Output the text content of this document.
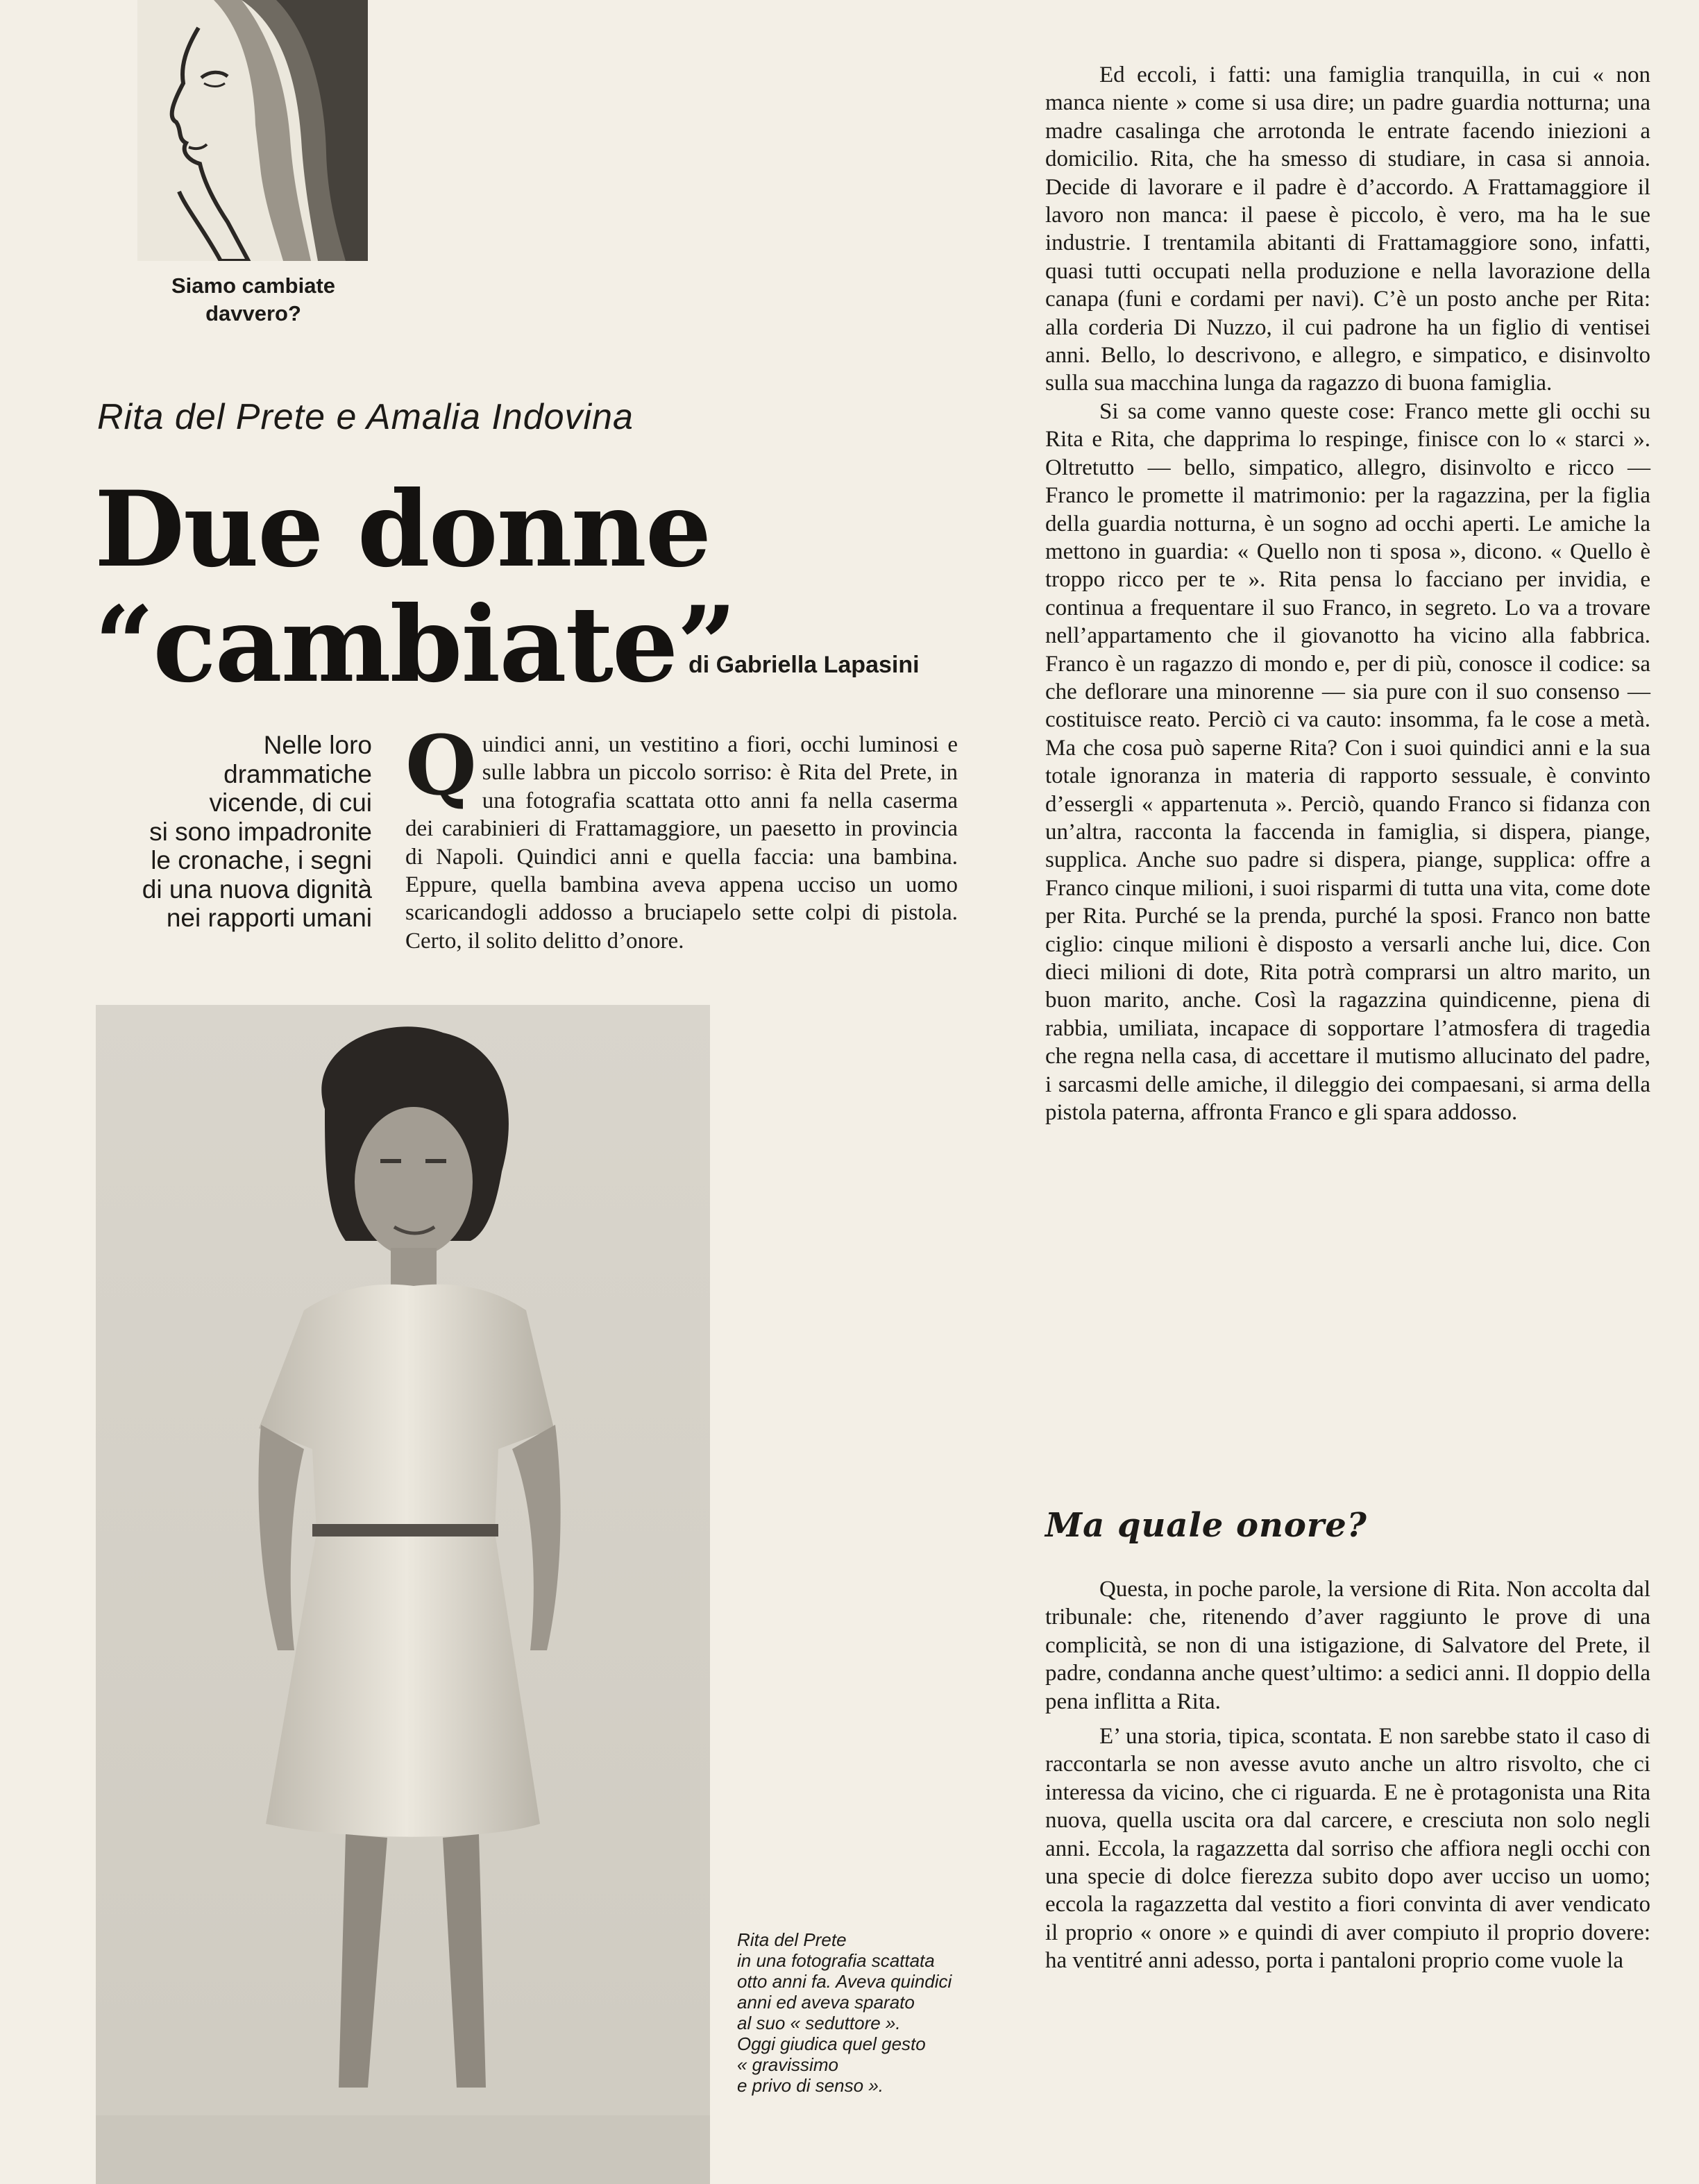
Siamo cambiate
davvero?
Rita del Prete e Amalia Indovina
Due donne
“cambiate”
di Gabriella Lapasini
Nelle loro
drammatiche
vicende, di cui
si sono impadronite
le cronache, i segni
di una nuova dignità
nei rapporti umani

Quindici anni, un vestitino a fiori, occhi luminosi e sulle labbra un piccolo sorriso: è Rita del Prete, in una fotografia scattata otto anni fa nella caserma dei carabinieri di Frattamaggiore, un paesetto in provincia di Napoli. Quindici anni e quella faccia: una bambina. Eppure, quella bambina aveva appena ucciso un uomo scaricandogli addosso a bruciapelo sette colpi di pistola. Certo, il solito delitto d’onore.

Ed eccoli, i fatti: una famiglia tranquilla, in cui « non manca niente » come si usa dire; un padre guardia notturna; una madre casalinga che arrotonda le entrate facendo iniezioni a domicilio. Rita, che ha smesso di studiare, in casa si annoia. Decide di lavorare e il padre è d’accordo. A Frattamaggiore il lavoro non manca: il paese è piccolo, è vero, ma ha le sue industrie. I trentamila abitanti di Frattamaggiore sono, infatti, quasi tutti occupati nella produzione e nella lavorazione della canapa (funi e cordami per navi). C’è un posto anche per Rita: alla corderia Di Nuzzo, il cui padrone ha un figlio di ventisei anni. Bello, lo descrivono, e allegro, e simpatico, e disinvolto sulla sua macchina lunga da ragazzo di buona famiglia.

Si sa come vanno queste cose: Franco mette gli occhi su Rita e Rita, che dapprima lo respinge, finisce con lo « starci ». Oltretutto — bello, simpatico, allegro, disinvolto e ricco — Franco le promette il matrimonio: per la ragazzina, per la figlia della guardia notturna, è un sogno ad occhi aperti. Le amiche la mettono in guardia: « Quello non ti sposa », dicono. « Quello è troppo ricco per te ». Rita pensa lo facciano per invidia, e continua a frequentare il suo Franco, in segreto. Lo va a trovare nell’appartamento che il giovanotto ha vicino alla fabbrica. Franco è un ragazzo di mondo e, per di più, conosce il codice: sa che deflorare una minorenne — sia pure con il suo consenso — costituisce reato. Perciò ci va cauto: insomma, fa le cose a metà. Ma che cosa può saperne Rita? Con i suoi quindici anni e la sua totale ignoranza in materia di rapporto sessuale, è convinto d’essergli « appartenuta ». Perciò, quando Franco si fidanza con un’altra, racconta la faccenda in famiglia, si dispera, piange, supplica. Anche suo padre si dispera, piange, supplica: offre a Franco cinque milioni, i suoi risparmi di tutta una vita, come dote per Rita. Purché se la prenda, purché la sposi. Franco non batte ciglio: cinque milioni è disposto a versarli anche lui, dice. Con dieci milioni di dote, Rita potrà comprarsi un altro marito, un buon marito, anche. Così la ragazzina quindicenne, piena di rabbia, umiliata, incapace di sopportare l’atmosfera di tragedia che regna nella casa, di accettare il mutismo allucinato del padre, i sarcasmi delle amiche, il dileggio dei compaesani, si arma della pistola paterna, affronta Franco e gli spara addosso.

Ma quale onore?

Questa, in poche parole, la versione di Rita. Non accolta dal tribunale: che, ritenendo d’aver raggiunto le prove di una complicità, se non di una istigazione, di Salvatore del Prete, il padre, condanna anche quest’ultimo: a sedici anni. Il doppio della pena inflitta a Rita.

E’ una storia, tipica, scontata. E non sarebbe stato il caso di raccontarla se non avesse avuto anche un altro risvolto, che ci interessa da vicino, che ci riguarda. E ne è protagonista una Rita nuova, quella uscita ora dal carcere, e cresciuta non solo negli anni. Eccola, la ragazzetta dal sorriso che affiora negli occhi con una specie di dolce fierezza subito dopo aver ucciso un uomo; eccola la ragazzetta dal vestito a fiori convinta di aver vendicato il proprio « onore » e quindi di aver compiuto il proprio dovere: ha ventitré anni adesso, porta i pantaloni proprio come vuole la

Rita del Prete
in una fotografia scattata
otto anni fa. Aveva quindici
anni ed aveva sparato
al suo « seduttore ».
Oggi giudica quel gesto
« gravissimo
e privo di senso ».
